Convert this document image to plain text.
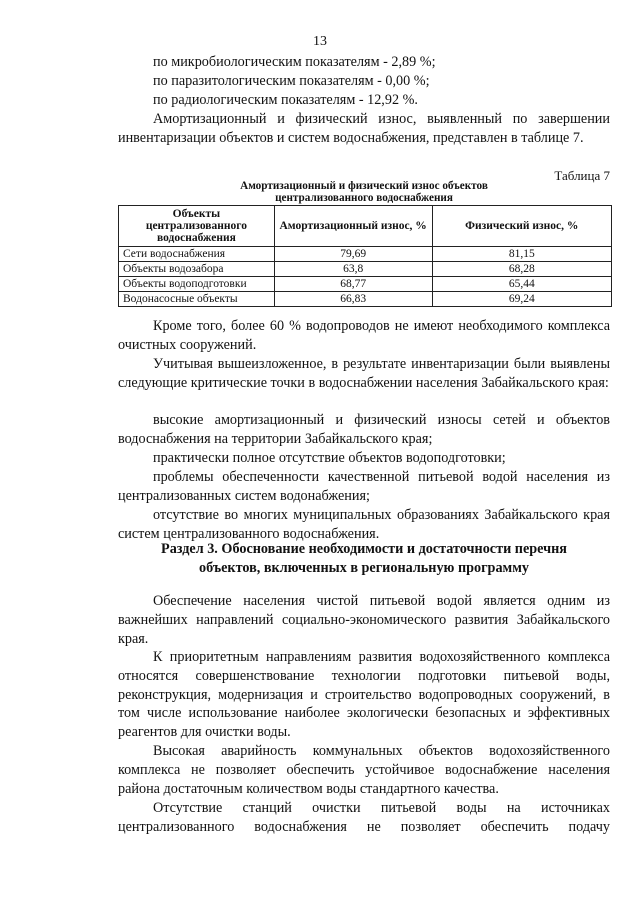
13

по микробиологическим показателям - 2,89 %;

по паразитологическим показателям - 0,00 %;

по радиологическим показателям - 12,92 %.

Амортизационный и физический износ, выявленный по завершении инвентаризации объектов и систем водоснабжения, представлен в таблице 7.

Таблица 7
Амортизационный и физический износ объектов
централизованного водоснабжения
Объекты централизованного водоснабжения	Амортизационный износ, %	Физический износ, %
Сети водоснабжения	79,69	81,15
Объекты водозабора	63,8	68,28
Объекты водоподготовки	68,77	65,44
Водонасосные объекты	66,83	69,24

Кроме того, более 60 % водопроводов не имеют необходимого комплекса очистных сооружений.

Учитывая вышеизложенное, в результате инвентаризации были выявлены следующие критические точки в водоснабжении населения Забайкальского края:

высокие амортизационный и физический износы сетей и объектов водоснабжения на территории Забайкальского края;

практически полное отсутствие объектов водоподготовки;

проблемы обеспеченности качественной питьевой водой населения из централизованных систем водонабжения;

отсутствие во многих муниципальных образованиях Забайкальского края систем централизованного водоснабжения.

Раздел 3. Обоснование необходимости и достаточности перечня
объектов, включенных в региональную программу

Обеспечение населения чистой питьевой водой является одним из важнейших направлений социально-экономического развития Забайкальского края.

К приоритетным направлениям развития водохозяйственного комплекса относятся совершенствование технологии подготовки питьевой воды, реконструкция, модернизация и строительство водопроводных сооружений, в том числе использование наиболее экологически безопасных и эффективных реагентов для очистки воды.

Высокая аварийность коммунальных объектов водохозяйственного комплекса не позволяет обеспечить устойчивое водоснабжение населения района достаточным количеством воды стандартного качества.

Отсутствие станций очистки питьевой воды на источниках централизованного водоснабжения не позволяет обеспечить подачу
